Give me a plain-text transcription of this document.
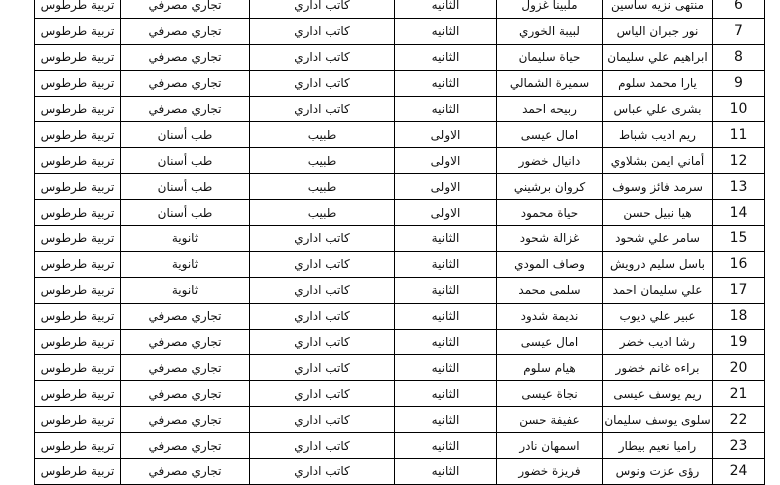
6	منتهى نزيه ساسين	ملبينا غزول	الثانيه	كاتب اداري	تجاري مصرفي	تربية طرطوس
7	نور جبران الياس	لبيبة الخوري	الثانيه	كاتب اداري	تجاري مصرفي	تربية طرطوس
8	ابراهيم علي سليمان	حياة سليمان	الثانيه	كاتب اداري	تجاري مصرفي	تربية طرطوس
9	يارا محمد سلوم	سميرة الشمالي	الثانيه	كاتب اداري	تجاري مصرفي	تربية طرطوس
10	بشرى علي عباس	ربيحه احمد	الثانيه	كاتب اداري	تجاري مصرفي	تربية طرطوس
11	ريم اديب شباط	امال عيسى	الاولى	طبيب	طب أسنان	تربية طرطوس
12	أماني ايمن بشلاوي	دانيال خضور	الاولى	طبيب	طب أسنان	تربية طرطوس
13	سرمد فائز وسوف	كروان برشيني	الاولى	طبيب	طب أسنان	تربية طرطوس
14	هيا نبيل حسن	حياة محمود	الاولى	طبيب	طب أسنان	تربية طرطوس
15	سامر علي شحود	غزالة شحود	الثانية	كاتب اداري	ثانوية	تربية طرطوس
16	باسل سليم درويش	وصاف المودي	الثانية	كاتب اداري	ثانوية	تربية طرطوس
17	علي سليمان احمد	سلمى محمد	الثانية	كاتب اداري	ثانوية	تربية طرطوس
18	عبير علي ديوب	نديمة شدود	الثانيه	كاتب اداري	تجاري مصرفي	تربية طرطوس
19	رشا اديب خضر	امال عيسى	الثانيه	كاتب اداري	تجاري مصرفي	تربية طرطوس
20	براءه غانم خضور	هيام سلوم	الثانيه	كاتب اداري	تجاري مصرفي	تربية طرطوس
21	ريم يوسف عيسى	نجاة عيسى	الثانيه	كاتب اداري	تجاري مصرفي	تربية طرطوس
22	سلوى يوسف سليمان	عفيفة حسن	الثانيه	كاتب اداري	تجاري مصرفي	تربية طرطوس
23	راميا نعيم بيطار	اسمهان نادر	الثانيه	كاتب اداري	تجاري مصرفي	تربية طرطوس
24	رؤى عزت ونوس	فريزة خضور	الثانيه	كاتب اداري	تجاري مصرفي	تربية طرطوس
